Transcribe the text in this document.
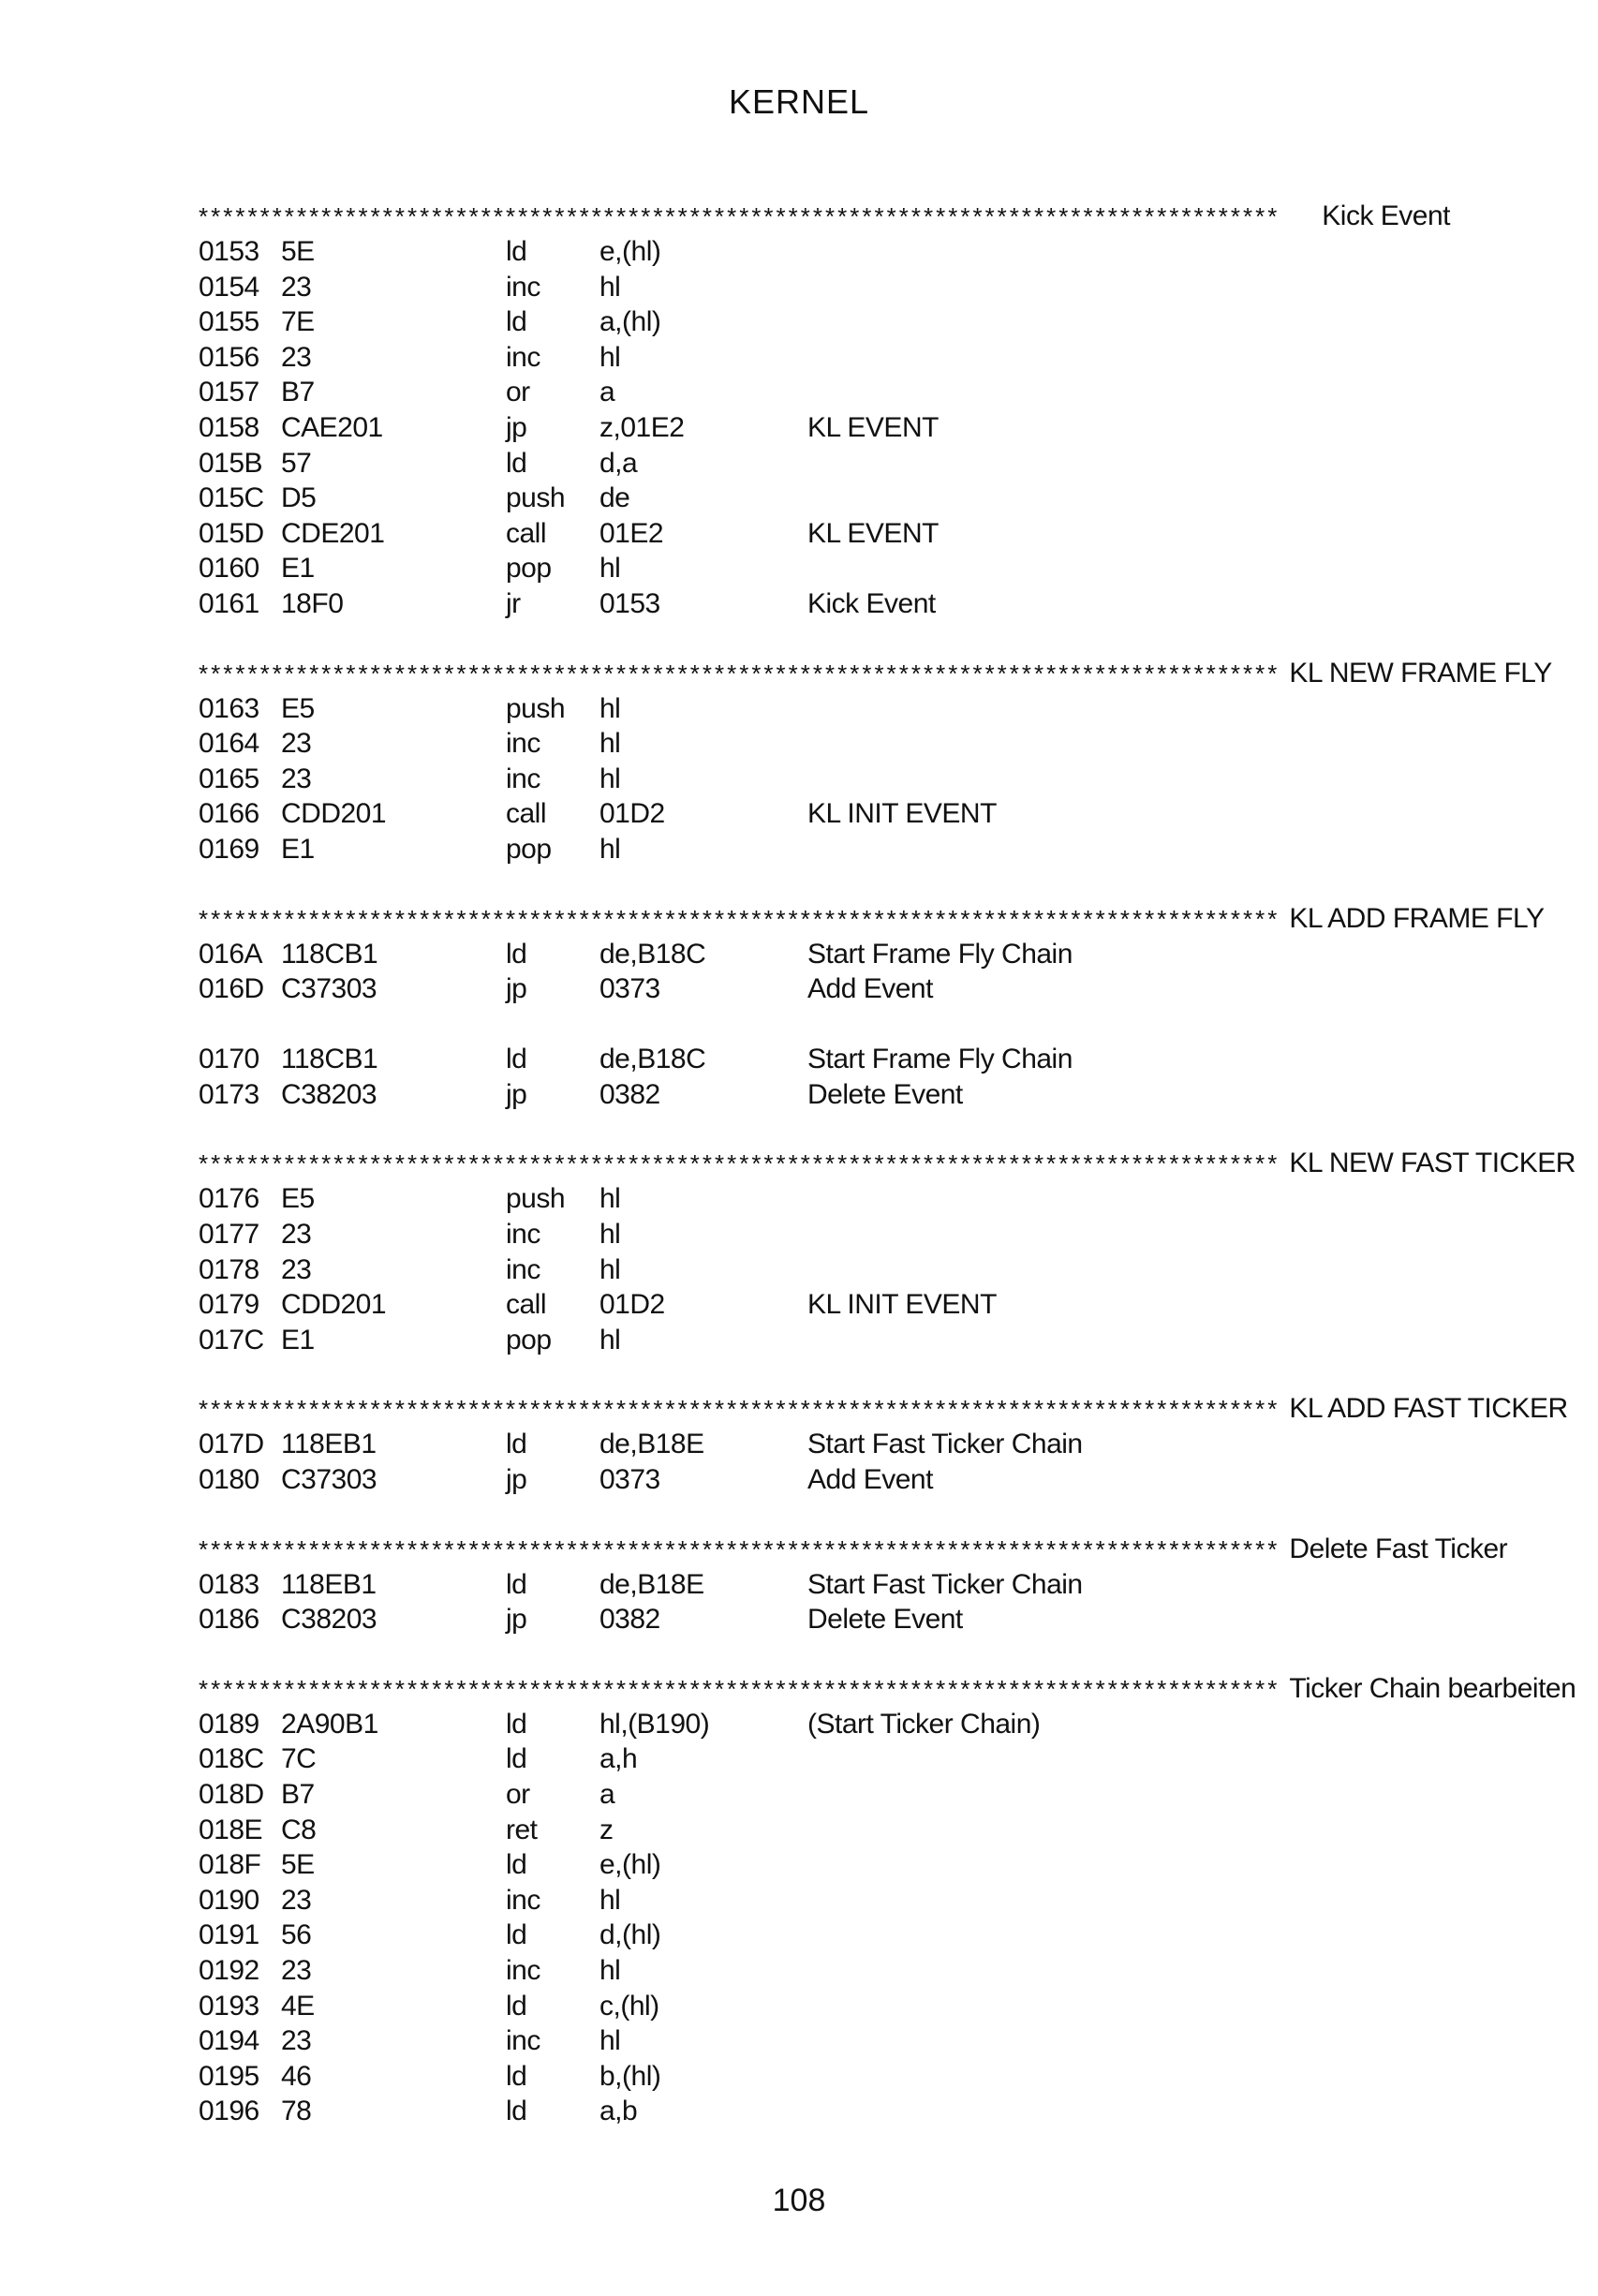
KERNEL
****************************************************************************************	Kick Event
0153 5E	ld	e,(hl)
0154 23	inc	hl
0155 7E	ld	a,(hl)
0156 23	inc	hl
0157 B7	or	a
0158 CAE201	jp	z,01E2	KL EVENT
015B 57	ld	d,a
015C D5	push	de
015D CDE201	call	01E2	KL EVENT
0160 E1	pop	hl
0161 18F0	jr	0153	Kick Event
**************************************************************************************** KL NEW FRAME FLY
0163 E5	push	hl
0164 23	inc	hl
0165 23	inc	hl
0166 CDD201	call	01D2	KL INIT EVENT
0169 E1	pop	hl
**************************************************************************************** KL ADD FRAME FLY
016A 118CB1	ld	de,B18C	Start Frame Fly Chain
016D C37303	jp	0373	Add Event
0170 118CB1	ld	de,B18C	Start Frame Fly Chain
0173 C38203	jp	0382	Delete Event
**************************************************************************************** KL NEW FAST TICKER
0176 E5	push	hl
0177 23	inc	hl
0178 23	inc	hl
0179 CDD201	call	01D2	KL INIT EVENT
017C E1	pop	hl
**************************************************************************************** KL ADD FAST TICKER
017D 118EB1	ld	de,B18E	Start Fast Ticker Chain
0180 C37303	jp	0373	Add Event
**************************************************************************************** Delete Fast Ticker
0183 118EB1	ld	de,B18E	Start Fast Ticker Chain
0186 C38203	jp	0382	Delete Event
**************************************************************************************** Ticker Chain bearbeiten
0189 2A90B1	ld	hl,(B190)	(Start Ticker Chain)
018C 7C	ld	a,h
018D B7	or	a
018E C8	ret	z
018F 5E	ld	e,(hl)
0190 23	inc	hl
0191 56	ld	d,(hl)
0192 23	inc	hl
0193 4E	ld	c,(hl)
0194 23	inc	hl
0195 46	ld	b,(hl)
0196 78	ld	a,b
108
